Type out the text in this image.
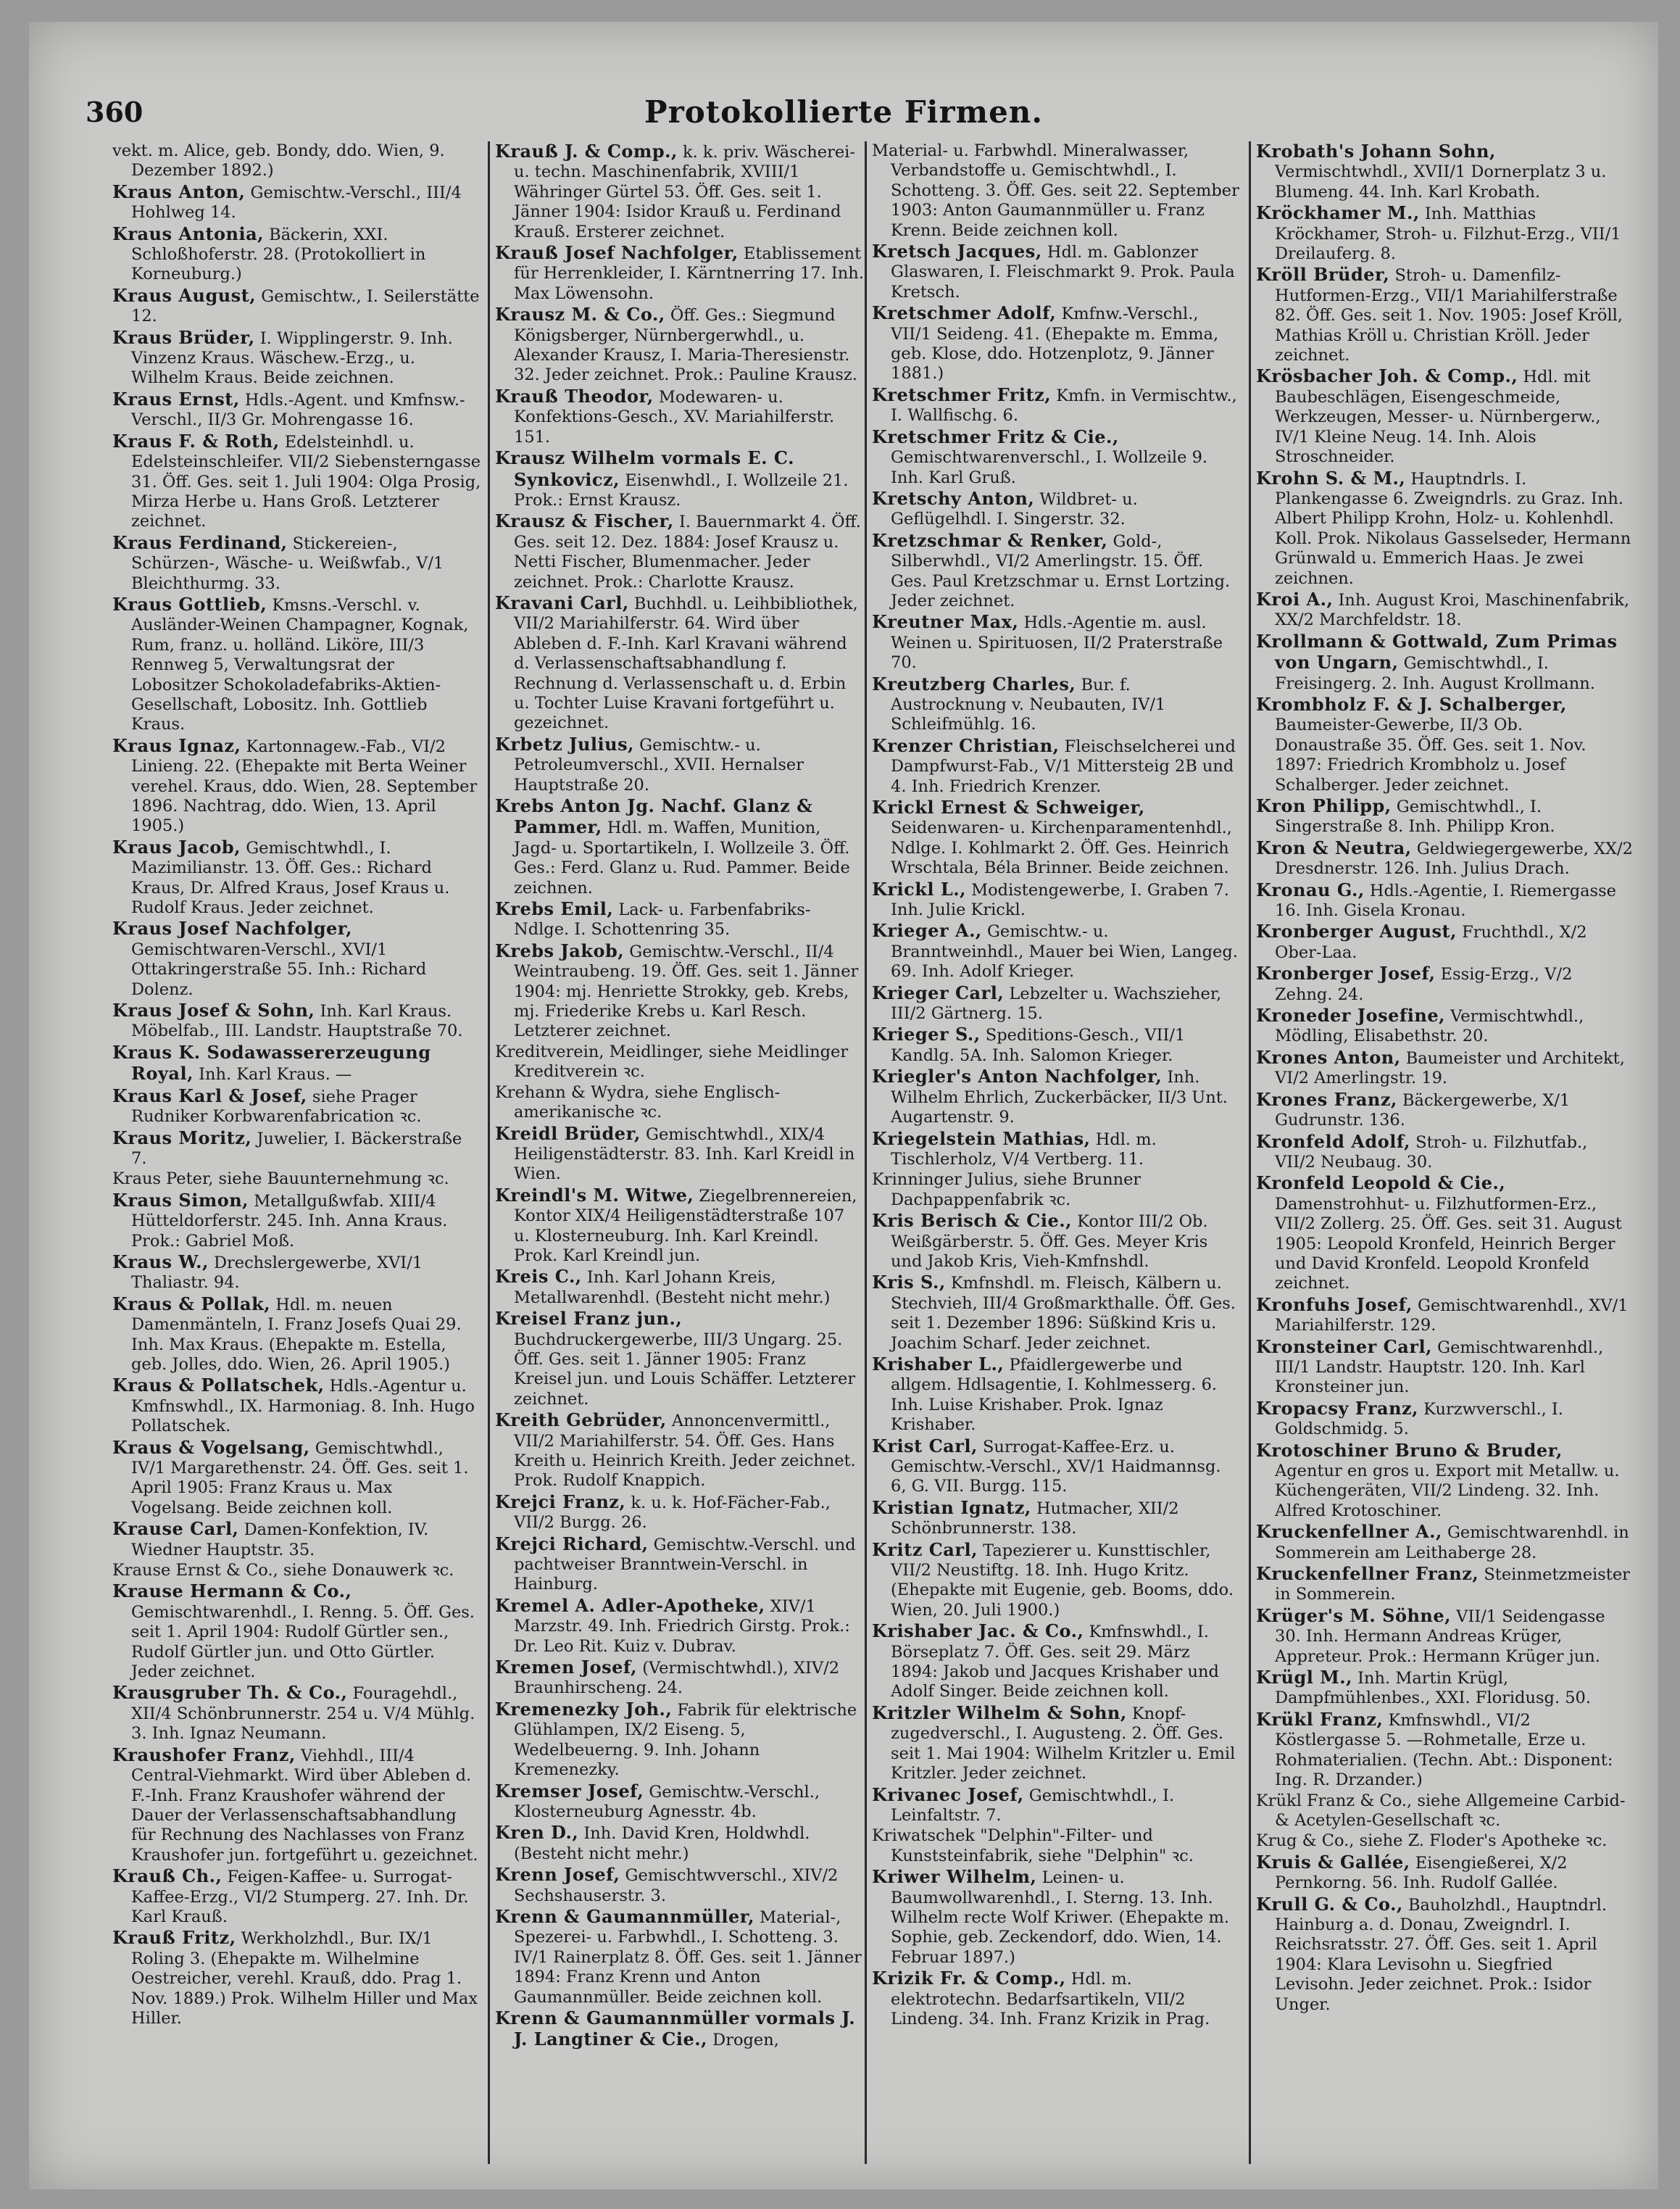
360	Protokollierte Firmen.
vekt. m. Alice, geb. Bondy, ddo. Wien, 9. Dezember 1892.)
Kraus Anton, Gemischtw.-Verschl., III/4 Hohlweg 14.
Kraus Antonia, Bäckerin, XXI. Schloßhoferstr. 28. (Protokolliert in Korneuburg.)
Kraus August, Gemischtw., I. Seilerstätte 12.
Kraus Brüder, I. Wipplingerstr. 9. Inh. Vinzenz Kraus. Wäschew.-Erzg., u. Wilhelm Kraus. Beide zeichnen.
Kraus Ernst, Hdls.-Agent. und Kmfnsw.-Verschl., II/3 Gr. Mohrengasse 16.
Kraus F. & Roth, Edelsteinhdl. u. Edelsteinschleifer. VII/2 Siebensterngasse 31. Öff. Ges. seit 1. Juli 1904: Olga Prosig, Mirza Herbe u. Hans Groß. Letzterer zeichnet.
Kraus Ferdinand, Stickereien-, Schürzen-, Wäsche- u. Weißwfab., V/1 Bleichthurmg. 33.
Kraus Gottlieb, Kmsns.-Verschl. v. Ausländer-Weinen Champagner, Kognak, Rum, franz. u. holländ. Liköre, III/3 Rennweg 5, Verwaltungsrat der Lobositzer Schokoladefabriks-Aktien-Gesellschaft, Lobositz. Inh. Gottlieb Kraus.
Kraus Ignaz, Kartonnagew.-Fab., VI/2 Linieng. 22. (Ehepakte mit Berta Weiner verehel. Kraus, ddo. Wien, 28. September 1896. Nachtrag, ddo. Wien, 13. April 1905.)
Kraus Jacob, Gemischtwhdl., I. Mazimilianstr. 13. Öff. Ges.: Richard Kraus, Dr. Alfred Kraus, Josef Kraus u. Rudolf Kraus. Jeder zeichnet.
Kraus Josef Nachfolger, Gemischtwaren-Verschl., XVI/1 Ottakringerstraße 55. Inh.: Richard Dolenz.
Kraus Josef & Sohn, Inh. Karl Kraus. Möbelfab., III. Landstr. Hauptstraße 70.
Kraus K. Sodawassererzeugung Royal, Inh. Karl Kraus. —
Kraus Karl & Josef, siehe Prager Rudniker Korbwarenfabrication ꝛc.
Kraus Moritz, Juwelier, I. Bäckerstraße 7.
Kraus Peter, siehe Bauunternehmung ꝛc.
Kraus Simon, Metallgußwfab. XIII/4 Hütteldorferstr. 245. Inh. Anna Kraus. Prok.: Gabriel Moß.
Kraus W., Drechslergewerbe, XVI/1 Thaliastr. 94.
Kraus & Pollak, Hdl. m. neuen Damenmänteln, I. Franz Josefs Quai 29. Inh. Max Kraus. (Ehepakte m. Estella, geb. Jolles, ddo. Wien, 26. April 1905.)
Kraus & Pollatschek, Hdls.-Agentur u. Kmfnswhdl., IX. Harmoniag. 8. Inh. Hugo Pollatschek.
Kraus & Vogelsang, Gemischtwhdl., IV/1 Margarethenstr. 24. Öff. Ges. seit 1. April 1905: Franz Kraus u. Max Vogelsang. Beide zeichnen koll.
Krause Carl, Damen-Konfektion, IV. Wiedner Hauptstr. 35.
Krause Ernst & Co., siehe Donauwerk ꝛc.
Krause Hermann & Co., Gemischtwarenhdl., I. Renng. 5. Öff. Ges. seit 1. April 1904: Rudolf Gürtler sen., Rudolf Gürtler jun. und Otto Gürtler. Jeder zeichnet.
Krausgruber Th. & Co., Fouragehdl., XII/4 Schönbrunnerstr. 254 u. V/4 Mühlg. 3. Inh. Ignaz Neumann.
Kraushofer Franz, Viehhdl., III/4 Central-Viehmarkt. Wird über Ableben d. F.-Inh. Franz Kraushofer während der Dauer der Verlassenschaftsabhandlung für Rechnung des Nachlasses von Franz Kraushofer jun. fortgeführt u. gezeichnet.
Krauß Ch., Feigen-Kaffee- u. Surrogat-Kaffee-Erzg., VI/2 Stumperg. 27. Inh. Dr. Karl Krauß.
Krauß Fritz, Werkholzhdl., Bur. IX/1 Roling 3. (Ehepakte m. Wilhelmine Oestreicher, verehl. Krauß, ddo. Prag 1. Nov. 1889.) Prok. Wilhelm Hiller und Max Hiller.
Krauß J. & Comp., k. k. priv. Wäscherei- u. techn. Maschinenfabrik, XVIII/1 Währinger Gürtel 53. Öff. Ges. seit 1. Jänner 1904: Isidor Krauß u. Ferdinand Krauß. Ersterer zeichnet.
Krauß Josef Nachfolger, Etablissement für Herrenkleider, I. Kärntnerring 17. Inh. Max Löwensohn.
Krausz M. & Co., Öff. Ges.: Siegmund Königsberger, Nürnbergerwhdl., u. Alexander Krausz, I. Maria-Theresienstr. 32. Jeder zeichnet. Prok.: Pauline Krausz.
Krauß Theodor, Modewaren- u. Konfektions-Gesch., XV. Mariahilferstr. 151.
Krausz Wilhelm vormals E. C. Synkovicz, Eisenwhdl., I. Wollzeile 21. Prok.: Ernst Krausz.
Krausz & Fischer, I. Bauernmarkt 4. Öff. Ges. seit 12. Dez. 1884: Josef Krausz u. Netti Fischer, Blumenmacher. Jeder zeichnet. Prok.: Charlotte Krausz.
Kravani Carl, Buchhdl. u. Leihbibliothek, VII/2 Mariahilferstr. 64. Wird über Ableben d. F.-Inh. Karl Kravani während d. Verlassenschaftsabhandlung f. Rechnung d. Verlassenschaft u. d. Erbin u. Tochter Luise Kravani fortgeführt u. gezeichnet.
Krbetz Julius, Gemischtw.- u. Petroleumverschl., XVII. Hernalser Hauptstraße 20.
Krebs Anton Jg. Nachf. Glanz & Pammer, Hdl. m. Waffen, Munition, Jagd- u. Sportartikeln, I. Wollzeile 3. Öff. Ges.: Ferd. Glanz u. Rud. Pammer. Beide zeichnen.
Krebs Emil, Lack- u. Farbenfabriks-Ndlge. I. Schottenring 35.
Krebs Jakob, Gemischtw.-Verschl., II/4 Weintraubeng. 19. Öff. Ges. seit 1. Jänner 1904: mj. Henriette Strokky, geb. Krebs, mj. Friederike Krebs u. Karl Resch. Letzterer zeichnet.
Kreditverein, Meidlinger, siehe Meidlinger Kreditverein ꝛc.
Krehann & Wydra, siehe Englisch-amerikanische ꝛc.
Kreidl Brüder, Gemischtwhdl., XIX/4 Heiligenstädterstr. 83. Inh. Karl Kreidl in Wien.
Kreindl's M. Witwe, Ziegelbrennereien, Kontor XIX/4 Heiligenstädterstraße 107 u. Klosterneuburg. Inh. Karl Kreindl. Prok. Karl Kreindl jun.
Kreis C., Inh. Karl Johann Kreis, Metallwarenhdl. (Besteht nicht mehr.)
Kreisel Franz jun., Buchdruckergewerbe, III/3 Ungarg. 25. Öff. Ges. seit 1. Jänner 1905: Franz Kreisel jun. und Louis Schäffer. Letzterer zeichnet.
Kreith Gebrüder, Annoncenvermittl., VII/2 Mariahilferstr. 54. Öff. Ges. Hans Kreith u. Heinrich Kreith. Jeder zeichnet. Prok. Rudolf Knappich.
Krejci Franz, k. u. k. Hof-Fächer-Fab., VII/2 Burgg. 26.
Krejci Richard, Gemischtw.-Verschl. und pachtweiser Branntwein-Verschl. in Hainburg.
Kremel A. Adler-Apotheke, XIV/1 Marzstr. 49. Inh. Friedrich Girstg. Prok.: Dr. Leo Rit. Kuiz v. Dubrav.
Kremen Josef, (Vermischtwhdl.), XIV/2 Braunhirscheng. 24.
Kremenezky Joh., Fabrik für elektrische Glühlampen, IX/2 Eiseng. 5, Wedelbeuerng. 9. Inh. Johann Kremenezky.
Kremser Josef, Gemischtw.-Verschl., Klosterneuburg Agnesstr. 4b.
Kren D., Inh. David Kren, Holdwhdl. (Besteht nicht mehr.)
Krenn Josef, Gemischtwverschl., XIV/2 Sechshauserstr. 3.
Krenn & Gaumannmüller, Material-, Spezerei- u. Farbwhdl., I. Schotteng. 3. IV/1 Rainerplatz 8. Öff. Ges. seit 1. Jänner 1894: Franz Krenn und Anton Gaumannmüller. Beide zeichnen koll.
Krenn & Gaumannmüller vormals J. J. Langtiner & Cie., Drogen,
Material- u. Farbwhdl. Mineralwasser, Verbandstoffe u. Gemischtwhdl., I. Schotteng. 3. Öff. Ges. seit 22. September 1903: Anton Gaumannmüller u. Franz Krenn. Beide zeichnen koll.
Kretsch Jacques, Hdl. m. Gablonzer Glaswaren, I. Fleischmarkt 9. Prok. Paula Kretsch.
Kretschmer Adolf, Kmfnw.-Verschl., VII/1 Seideng. 41. (Ehepakte m. Emma, geb. Klose, ddo. Hotzenplotz, 9. Jänner 1881.)
Kretschmer Fritz, Kmfn. in Vermischtw., I. Wallfischg. 6.
Kretschmer Fritz & Cie., Gemischtwarenverschl., I. Wollzeile 9. Inh. Karl Gruß.
Kretschy Anton, Wildbret- u. Geflügelhdl. I. Singerstr. 32.
Kretzschmar & Renker, Gold-, Silberwhdl., VI/2 Amerlingstr. 15. Öff. Ges. Paul Kretzschmar u. Ernst Lortzing. Jeder zeichnet.
Kreutner Max, Hdls.-Agentie m. ausl. Weinen u. Spirituosen, II/2 Praterstraße 70.
Kreutzberg Charles, Bur. f. Austrocknung v. Neubauten, IV/1 Schleifmühlg. 16.
Krenzer Christian, Fleischselcherei und Dampfwurst-Fab., V/1 Mittersteig 2B und 4. Inh. Friedrich Krenzer.
Krickl Ernest & Schweiger, Seidenwaren- u. Kirchenparamentenhdl., Ndlge. I. Kohlmarkt 2. Öff. Ges. Heinrich Wrschtala, Béla Brinner. Beide zeichnen.
Krickl L., Modistengewerbe, I. Graben 7. Inh. Julie Krickl.
Krieger A., Gemischtw.- u. Branntweinhdl., Mauer bei Wien, Langeg. 69. Inh. Adolf Krieger.
Krieger Carl, Lebzelter u. Wachszieher, III/2 Gärtnerg. 15.
Krieger S., Speditions-Gesch., VII/1 Kandlg. 5A. Inh. Salomon Krieger.
Kriegler's Anton Nachfolger, Inh. Wilhelm Ehrlich, Zuckerbäcker, II/3 Unt. Augartenstr. 9.
Kriegelstein Mathias, Hdl. m. Tischlerholz, V/4 Vertberg. 11.
Krinninger Julius, siehe Brunner Dachpappenfabrik ꝛc.
Kris Berisch & Cie., Kontor III/2 Ob. Weißgärberstr. 5. Öff. Ges. Meyer Kris und Jakob Kris, Vieh-Kmfnshdl.
Kris S., Kmfnshdl. m. Fleisch, Kälbern u. Stechvieh, III/4 Großmarkthalle. Öff. Ges. seit 1. Dezember 1896: Süßkind Kris u. Joachim Scharf. Jeder zeichnet.
Krishaber L., Pfaidlergewerbe und allgem. Hdlsagentie, I. Kohlmesserg. 6. Inh. Luise Krishaber. Prok. Ignaz Krishaber.
Krist Carl, Surrogat-Kaffee-Erz. u. Gemischtw.-Verschl., XV/1 Haidmannsg. 6, G. VII. Burgg. 115.
Kristian Ignatz, Hutmacher, XII/2 Schönbrunnerstr. 138.
Kritz Carl, Tapezierer u. Kunsttischler, VII/2 Neustiftg. 18. Inh. Hugo Kritz. (Ehepakte mit Eugenie, geb. Booms, ddo. Wien, 20. Juli 1900.)
Krishaber Jac. & Co., Kmfnswhdl., I. Börseplatz 7. Öff. Ges. seit 29. März 1894: Jakob und Jacques Krishaber und Adolf Singer. Beide zeichnen koll.
Kritzler Wilhelm & Sohn, Knopf-zugedverschl., I. Augusteng. 2. Öff. Ges. seit 1. Mai 1904: Wilhelm Kritzler u. Emil Kritzler. Jeder zeichnet.
Krivanec Josef, Gemischtwhdl., I. Leinfaltstr. 7.
Kriwatschek "Delphin"-Filter- und Kunststeinfabrik, siehe "Delphin" ꝛc.
Kriwer Wilhelm, Leinen- u. Baumwollwarenhdl., I. Sterng. 13. Inh. Wilhelm recte Wolf Kriwer. (Ehepakte m. Sophie, geb. Zeckendorf, ddo. Wien, 14. Februar 1897.)
Krizik Fr. & Comp., Hdl. m. elektrotechn. Bedarfsartikeln, VII/2 Lindeng. 34. Inh. Franz Krizik in Prag.
Krobath's Johann Sohn, Vermischtwhdl., XVII/1 Dornerplatz 3 u. Blumeng. 44. Inh. Karl Krobath.
Kröckhamer M., Inh. Matthias Kröckhamer, Stroh- u. Filzhut-Erzg., VII/1 Dreilauferg. 8.
Kröll Brüder, Stroh- u. Damenfilz-Hutformen-Erzg., VII/1 Mariahilferstraße 82. Öff. Ges. seit 1. Nov. 1905: Josef Kröll, Mathias Kröll u. Christian Kröll. Jeder zeichnet.
Krösbacher Joh. & Comp., Hdl. mit Baubeschlägen, Eisengeschmeide, Werkzeugen, Messer- u. Nürnbergerw., IV/1 Kleine Neug. 14. Inh. Alois Stroschneider.
Krohn S. & M., Hauptndrls. I. Plankengasse 6. Zweigndrls. zu Graz. Inh. Albert Philipp Krohn, Holz- u. Kohlenhdl. Koll. Prok. Nikolaus Gasselseder, Hermann Grünwald u. Emmerich Haas. Je zwei zeichnen.
Kroi A., Inh. August Kroi, Maschinenfabrik, XX/2 Marchfeldstr. 18.
Krollmann & Gottwald, Zum Primas von Ungarn, Gemischtwhdl., I. Freisingerg. 2. Inh. August Krollmann.
Krombholz F. & J. Schalberger, Baumeister-Gewerbe, II/3 Ob. Donaustraße 35. Öff. Ges. seit 1. Nov. 1897: Friedrich Krombholz u. Josef Schalberger. Jeder zeichnet.
Kron Philipp, Gemischtwhdl., I. Singerstraße 8. Inh. Philipp Kron.
Kron & Neutra, Geldwiegergewerbe, XX/2 Dresdnerstr. 126. Inh. Julius Drach.
Kronau G., Hdls.-Agentie, I. Riemergasse 16. Inh. Gisela Kronau.
Kronberger August, Fruchthdl., X/2 Ober-Laa.
Kronberger Josef, Essig-Erzg., V/2 Zehng. 24.
Kroneder Josefine, Vermischtwhdl., Mödling, Elisabethstr. 20.
Krones Anton, Baumeister und Architekt, VI/2 Amerlingstr. 19.
Krones Franz, Bäckergewerbe, X/1 Gudrunstr. 136.
Kronfeld Adolf, Stroh- u. Filzhutfab., VII/2 Neubaug. 30.
Kronfeld Leopold & Cie., Damenstrohhut- u. Filzhutformen-Erz., VII/2 Zollerg. 25. Öff. Ges. seit 31. August 1905: Leopold Kronfeld, Heinrich Berger und David Kronfeld. Leopold Kronfeld zeichnet.
Kronfuhs Josef, Gemischtwarenhdl., XV/1 Mariahilferstr. 129.
Kronsteiner Carl, Gemischtwarenhdl., III/1 Landstr. Hauptstr. 120. Inh. Karl Kronsteiner jun.
Kropacsy Franz, Kurzwverschl., I. Goldschmidg. 5.
Krotoschiner Bruno & Bruder, Agentur en gros u. Export mit Metallw. u. Küchengeräten, VII/2 Lindeng. 32. Inh. Alfred Krotoschiner.
Kruckenfellner A., Gemischtwarenhdl. in Sommerein am Leithaberge 28.
Kruckenfellner Franz, Steinmetzmeister in Sommerein.
Krüger's M. Söhne, VII/1 Seidengasse 30. Inh. Hermann Andreas Krüger, Appreteur. Prok.: Hermann Krüger jun.
Krügl M., Inh. Martin Krügl, Dampfmühlenbes., XXI. Floridusg. 50.
Krükl Franz, Kmfnswhdl., VI/2 Köstlergasse 5. —Rohmetalle, Erze u. Rohmaterialien. (Techn. Abt.: Disponent: Ing. R. Drzander.)
Krükl Franz & Co., siehe Allgemeine Carbid- & Acetylen-Gesellschaft ꝛc.
Krug & Co., siehe Z. Floder's Apotheke ꝛc.
Kruis & Gallée, Eisengießerei, X/2 Pernkorng. 56. Inh. Rudolf Gallée.
Krull G. & Co., Bauholzhdl., Hauptndrl. Hainburg a. d. Donau, Zweigndrl. I. Reichsratsstr. 27. Öff. Ges. seit 1. April 1904: Klara Levisohn u. Siegfried Levisohn. Jeder zeichnet. Prok.: Isidor Unger.
